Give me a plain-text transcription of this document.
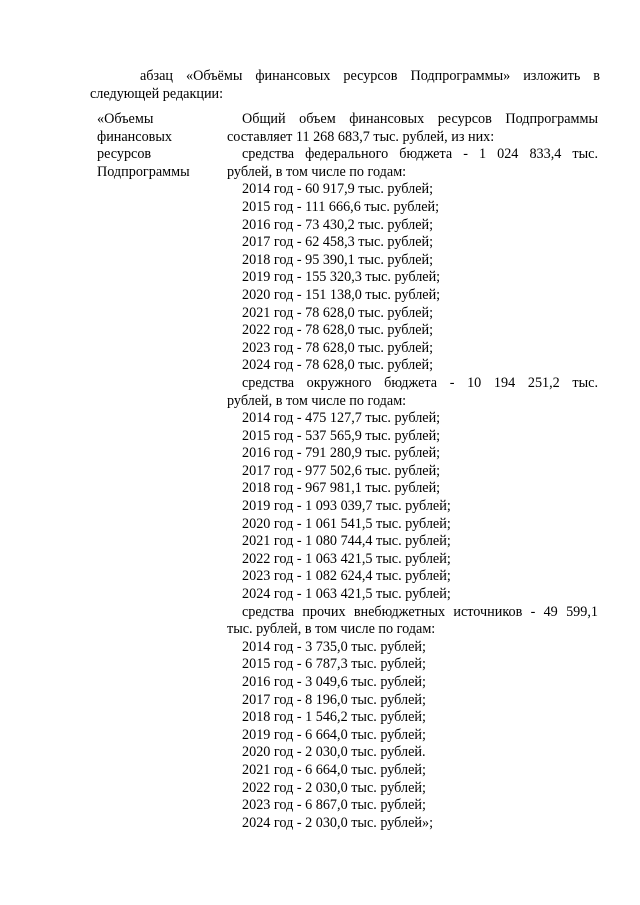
абзац «Объёмы финансовых ресурсов Подпрограммы» изложить в
следующей редакции:
«Объемы
финансовых
ресурсов
Подпрограммы
Общий объем финансовых ресурсов Подпрограммы
составляет 11 268 683,7 тыс. рублей, из них:
средства федерального бюджета - 1 024 833,4 тыс.
рублей, в том числе по годам:
2014 год - 60 917,9 тыс. рублей;
2015 год - 111 666,6 тыс. рублей;
2016 год - 73 430,2 тыс. рублей;
2017 год - 62 458,3 тыс. рублей;
2018 год - 95 390,1 тыс. рублей;
2019 год - 155 320,3 тыс. рублей;
2020 год - 151 138,0 тыс. рублей;
2021 год - 78 628,0 тыс. рублей;
2022 год - 78 628,0 тыс. рублей;
2023 год - 78 628,0 тыс. рублей;
2024 год - 78 628,0 тыс. рублей;
средства окружного бюджета - 10 194 251,2 тыс.
рублей, в том числе по годам:
2014 год - 475 127,7 тыс. рублей;
2015 год - 537 565,9 тыс. рублей;
2016 год - 791 280,9 тыс. рублей;
2017 год - 977 502,6 тыс. рублей;
2018 год - 967 981,1 тыс. рублей;
2019 год - 1 093 039,7 тыс. рублей;
2020 год - 1 061 541,5 тыс. рублей;
2021 год - 1 080 744,4 тыс. рублей;
2022 год - 1 063 421,5 тыс. рублей;
2023 год - 1 082 624,4 тыс. рублей;
2024 год - 1 063 421,5 тыс. рублей;
средства прочих внебюджетных источников - 49 599,1
тыс. рублей, в том числе по годам:
2014 год - 3 735,0 тыс. рублей;
2015 год - 6 787,3 тыс. рублей;
2016 год - 3 049,6 тыс. рублей;
2017 год - 8 196,0 тыс. рублей;
2018 год - 1 546,2 тыс. рублей;
2019 год - 6 664,0 тыс. рублей;
2020 год - 2 030,0 тыс. рублей.
2021 год - 6 664,0 тыс. рублей;
2022 год - 2 030,0 тыс. рублей;
2023 год - 6 867,0 тыс. рублей;
2024 год - 2 030,0 тыс. рублей»;
